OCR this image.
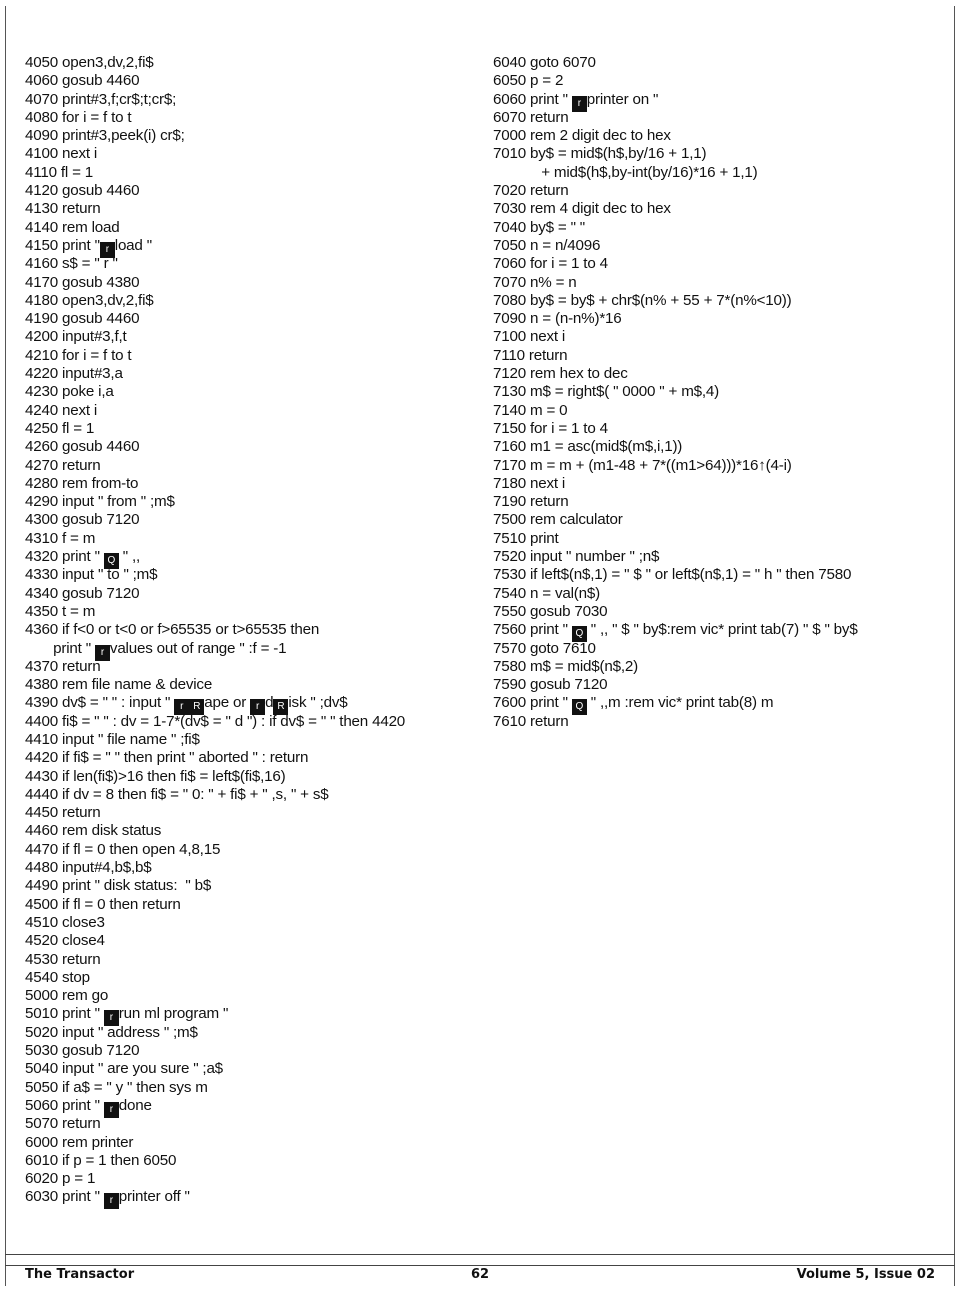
4050 open3,dv,2,fi$
4060 gosub 4460
4070 print#3,f;cr$;t;cr$;
4080 for i = f to t
4090 print#3,peek(i) cr$;
4100 next i
4110 fl = 1
4120 gosub 4460
4130 return
4140 rem load
4150 print " r load "
4160 s$ = " r "
4170 gosub 4380
4180 open3,dv,2,fi$
4190 gosub 4460
4200 input#3,f,t
4210 for i = f to t
4220 input#3,a
4230 poke i,a
4240 next i
4250 fl = 1
4260 gosub 4460
4270 return
4280 rem from-to
4290 input " from " ;m$
4300 gosub 7120
4310 f = m
4320 print " Q " ,,
4330 input " to " ;m$
4340 gosub 7120
4350 t = m
4360 if f<0 or t<0 or f>65535 or t>65535 then
print " r values out of range " :f = -1
4370 return
4380 rem file name & device
4390 dv$ = " " : input " r R ape or r d R isk " ;dv$
4400 fi$ = " " : dv = 1-7*(dv$ = " d ") : if dv$ = " " then 4420
4410 input " file name " ;fi$
4420 if fi$ = " " then print " aborted " : return
4430 if len(fi$)>16 then fi$ = left$(fi$,16)
4440 if dv = 8 then fi$ = " 0: " + fi$ + " ,s, " + s$
4450 return
4460 rem disk status
4470 if fl = 0 then open 4,8,15
4480 input#4,b$,b$
4490 print " disk status:  " b$
4500 if fl = 0 then return
4510 close3
4520 close4
4530 return
4540 stop
5000 rem go
5010 print " r run ml program "
5020 input " address " ;m$
5030 gosub 7120
5040 input " are you sure " ;a$
5050 if a$ = " y " then sys m
5060 print " r done
5070 return
6000 rem printer
6010 if p = 1 then 6050
6020 p = 1
6030 print " r printer off "
6040 goto 6070
6050 p = 2
6060 print " r printer on "
6070 return
7000 rem 2 digit dec to hex
7010 by$ = mid$(h$,by/16 + 1,1)
+ mid$(h$,by-int(by/16)*16 + 1,1)
7020 return
7030 rem 4 digit dec to hex
7040 by$ = " "
7050 n = n/4096
7060 for i = 1 to 4
7070 n% = n
7080 by$ = by$ + chr$(n% + 55 + 7*(n%<10))
7090 n = (n-n%)*16
7100 next i
7110 return
7120 rem hex to dec
7130 m$ = right$( " 0000 " + m$,4)
7140 m = 0
7150 for i = 1 to 4
7160 m1 = asc(mid$(m$,i,1))
7170 m = m + (m1-48 + 7*((m1>64)))*16↑(4-i)
7180 next i
7190 return
7500 rem calculator
7510 print
7520 input " number " ;n$
7530 if left$(n$,1) = " $ " or left$(n$,1) = " h " then 7580
7540 n = val(n$)
7550 gosub 7030
7560 print " Q " ,, " $ " by$:rem vic* print tab(7) " $ " by$
7570 goto 7610
7580 m$ = mid$(n$,2)
7590 gosub 7120
7600 print " Q " ,,m :rem vic* print tab(8) m
7610 return
The Transactor	62	Volume 5, Issue 02
